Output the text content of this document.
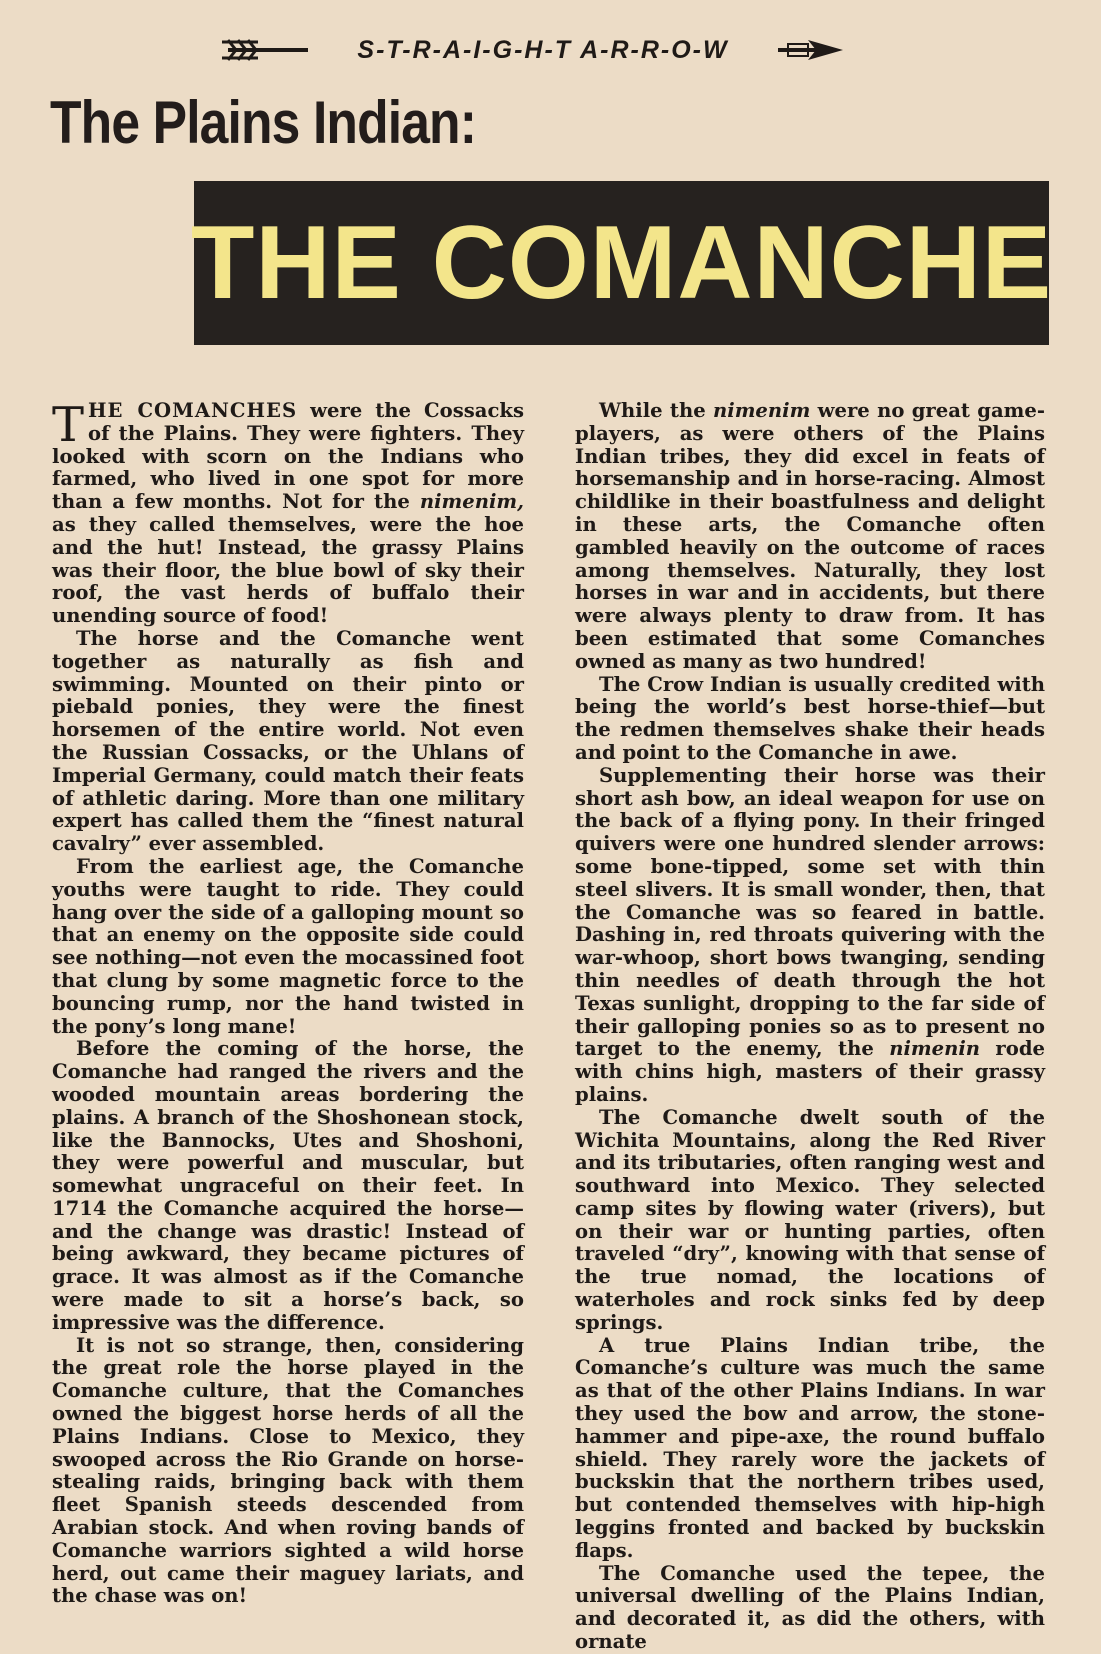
S-T-R-A-I-G-H-T A-R-R-O-W
The Plains Indian:
THE COMANCHE

THE COMANCHES were the Cossacks of the Plains. They were fighters. They looked with scorn on the Indians who farmed, who lived in one spot for more than a few months. Not for the nimenim, as they called themselves, were the hoe and the hut! Instead, the grassy Plains was their floor, the blue bowl of sky their roof, the vast herds of buffalo their unending source of food!

The horse and the Comanche went together as naturally as fish and swimming. Mounted on their pinto or piebald ponies, they were the finest horsemen of the entire world. Not even the Russian Cossacks, or the Uhlans of Imperial Germany, could match their feats of athletic daring. More than one military expert has called them the “finest natural cavalry” ever assembled.

From the earliest age, the Comanche youths were taught to ride. They could hang over the side of a galloping mount so that an enemy on the opposite side could see nothing—not even the mocassined foot that clung by some magnetic force to the bouncing rump, nor the hand twisted in the pony’s long mane!

Before the coming of the horse, the Comanche had ranged the rivers and the wooded mountain areas bordering the plains. A branch of the Shoshonean stock, like the Bannocks, Utes and Shoshoni, they were powerful and muscular, but somewhat ungraceful on their feet. In 1714 the Comanche acquired the horse—and the change was drastic! Instead of being awkward, they became pictures of grace. It was almost as if the Comanche were made to sit a horse’s back, so impressive was the difference.

It is not so strange, then, considering the great role the horse played in the Comanche culture, that the Comanches owned the biggest horse herds of all the Plains Indians. Close to Mexico, they swooped across the Rio Grande on horse-stealing raids, bringing back with them fleet Spanish steeds descended from Arabian stock. And when roving bands of Comanche warriors sighted a wild horse herd, out came their maguey lariats, and the chase was on!

While the nimenim were no great game-players, as were others of the Plains Indian tribes, they did excel in feats of horsemanship and in horse-racing. Almost childlike in their boastfulness and delight in these arts, the Comanche often gambled heavily on the outcome of races among themselves. Naturally, they lost horses in war and in accidents, but there were always plenty to draw from. It has been estimated that some Comanches owned as many as two hundred!

The Crow Indian is usually credited with being the world’s best horse-thief—but the redmen themselves shake their heads and point to the Comanche in awe.

Supplementing their horse was their short ash bow, an ideal weapon for use on the back of a flying pony. In their fringed quivers were one hundred slender arrows: some bone-tipped, some set with thin steel slivers. It is small wonder, then, that the Comanche was so feared in battle. Dashing in, red throats quivering with the war-whoop, short bows twanging, sending thin needles of death through the hot Texas sunlight, dropping to the far side of their galloping ponies so as to present no target to the enemy, the nimenin rode with chins high, masters of their grassy plains.

The Comanche dwelt south of the Wichita Mountains, along the Red River and its tributaries, often ranging west and southward into Mexico. They selected camp sites by flowing water (rivers), but on their war or hunting parties, often traveled “dry”, knowing with that sense of the true nomad, the locations of waterholes and rock sinks fed by deep springs.

A true Plains Indian tribe, the Comanche’s culture was much the same as that of the other Plains Indians. In war they used the bow and arrow, the stone-hammer and pipe-axe, the round buffalo shield. They rarely wore the jackets of buckskin that the northern tribes used, but contended themselves with hip-high leggins fronted and backed by buckskin flaps.

The Comanche used the tepee, the universal dwelling of the Plains Indian, and decorated it, as did the others, with ornate
